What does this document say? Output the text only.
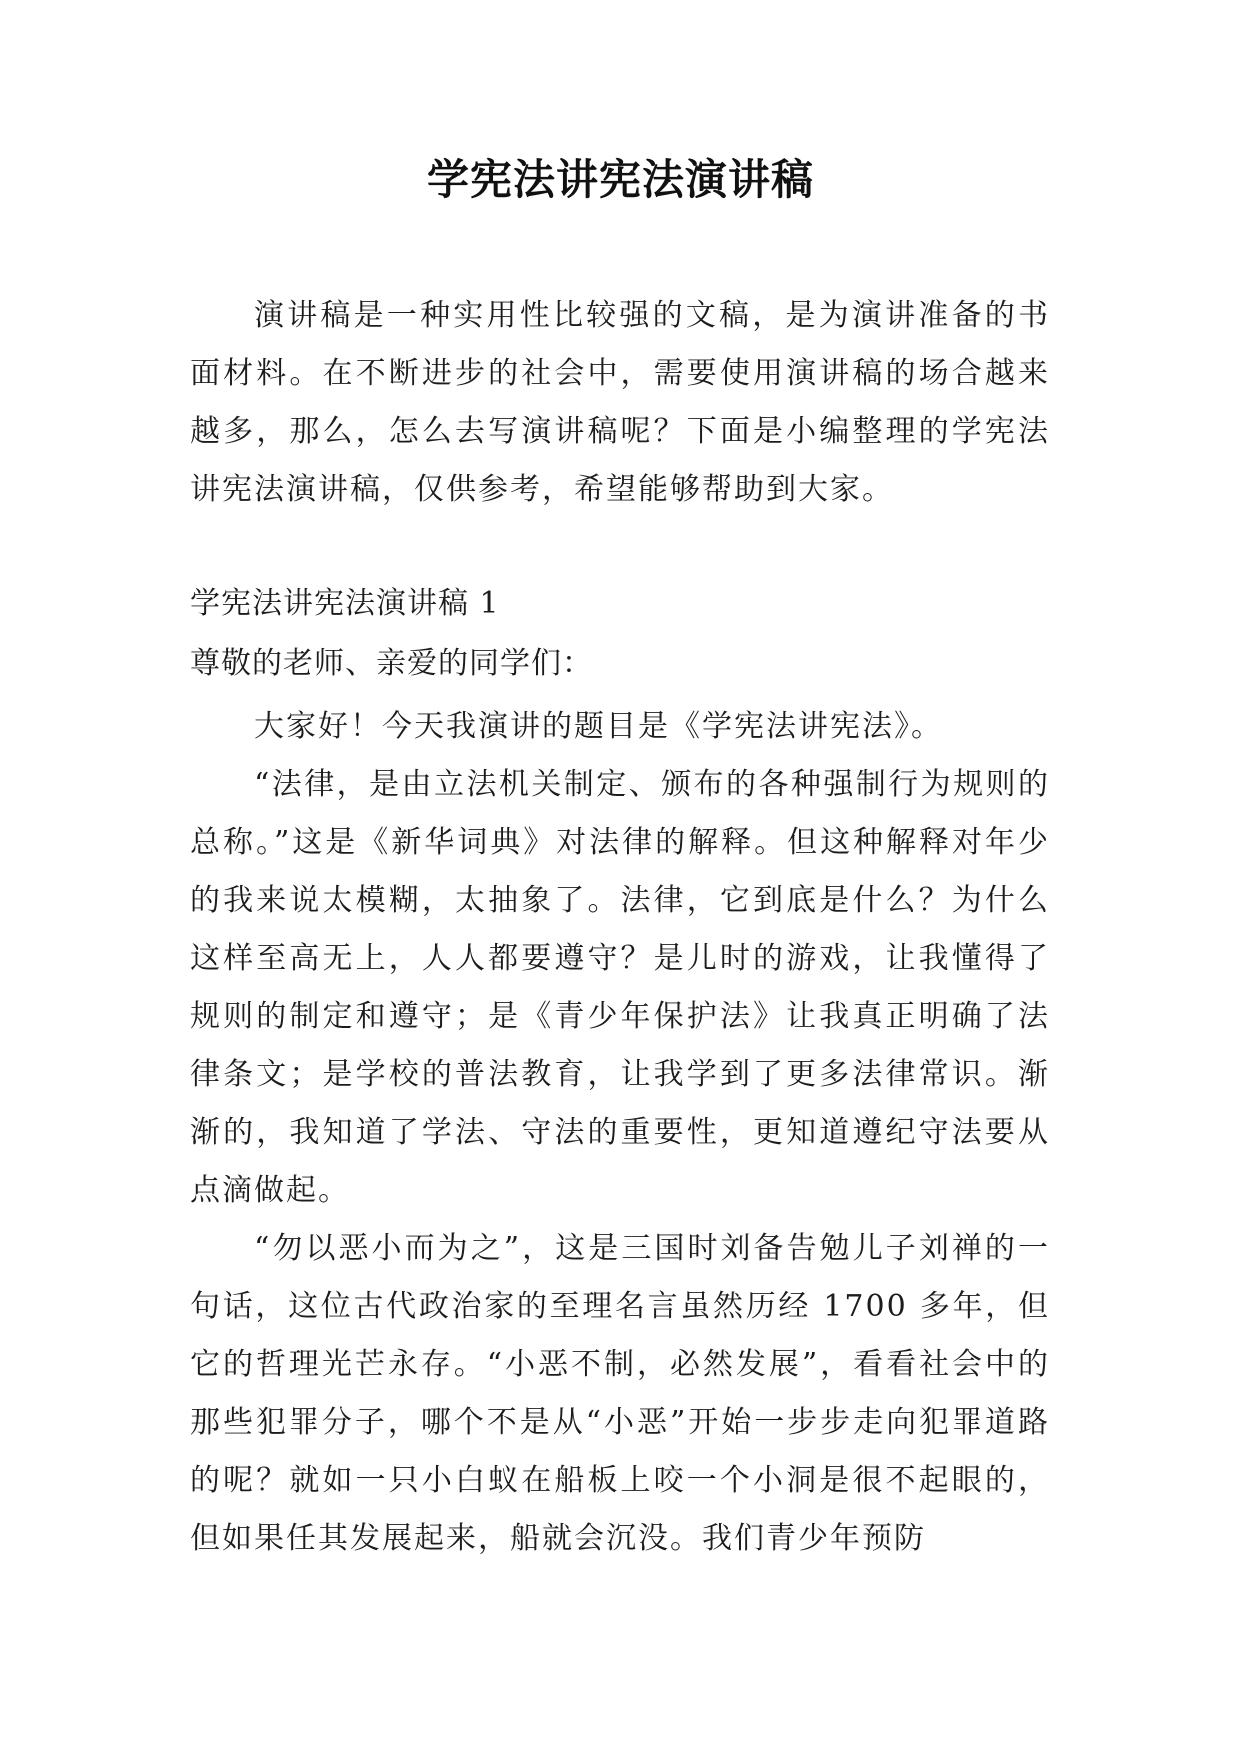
学宪法讲宪法演讲稿

演讲稿是一种实用性比较强的文稿，是为演讲准备的书面材料。在不断进步的社会中，需要使用演讲稿的场合越来越多，那么，怎么去写演讲稿呢？下面是小编整理的学宪法讲宪法演讲稿，仅供参考，希望能够帮助到大家。

学宪法讲宪法演讲稿 1
尊敬的老师、亲爱的同学们：

大家好！今天我演讲的题目是《学宪法讲宪法》。

“法律，是由立法机关制定、颁布的各种强制行为规则的总称。”这是《新华词典》对法律的解释。但这种解释对年少的我来说太模糊，太抽象了。法律，它到底是什么？为什么这样至高无上，人人都要遵守？是儿时的游戏，让我懂得了规则的制定和遵守；是《青少年保护法》让我真正明确了法律条文；是学校的普法教育，让我学到了更多法律常识。渐渐的，我知道了学法、守法的重要性，更知道遵纪守法要从点滴做起。

“勿以恶小而为之”，这是三国时刘备告勉儿子刘禅的一句话，这位古代政治家的至理名言虽然历经 1700 多年，但它的哲理光芒永存。“小恶不制，必然发展”，看看社会中的那些犯罪分子，哪个不是从“小恶”开始一步步走向犯罪道路的呢？就如一只小白蚁在船板上咬一个小洞是很不起眼的，但如果任其发展起来，船就会沉没。我们青少年预防
